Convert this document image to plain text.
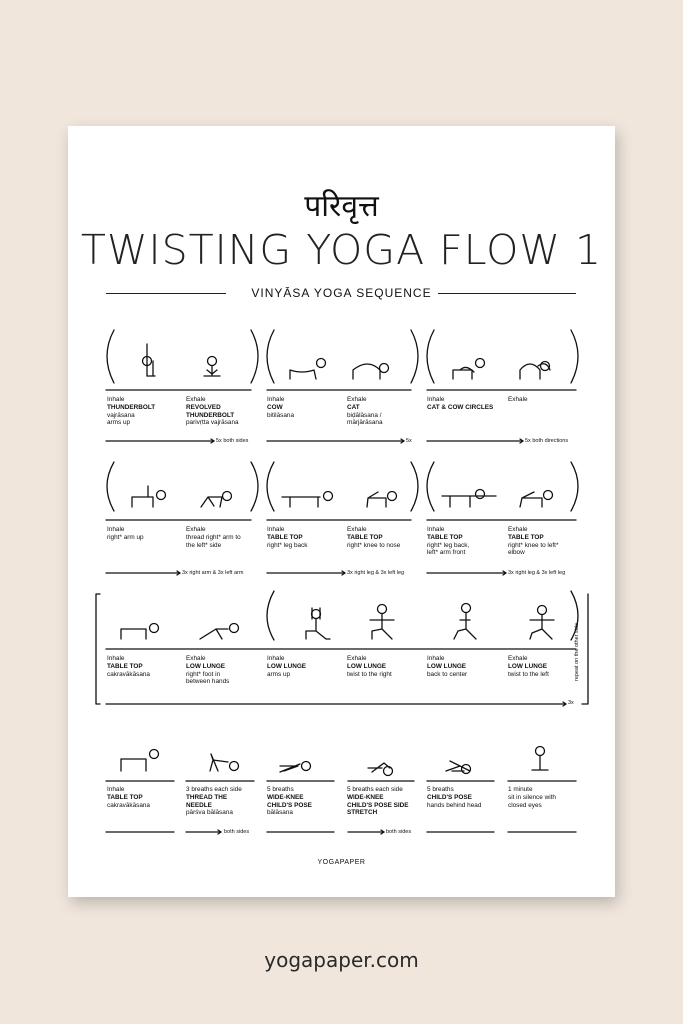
परिवृत्त
TWISTING YOGA FLOW 1
VINYĀSA YOGA SEQUENCE
Inhale
THUNDERBOLT
vajrāsana
arms up
Exhale
REVOLVED
THUNDERBOLT
parivṛtta vajrāsana
Inhale
COW
bitilāsana
Exhale
CAT
biḍālāsana /
mārjārāsana
Inhale
CAT & COW CIRCLES
Exhale
5x both sides	5x	5x both directions
Inhale
right* arm up
Exhale
thread right* arm to
the left* side
Inhale
TABLE TOP
right* leg back
Exhale
TABLE TOP
right* knee to nose
Inhale
TABLE TOP
right* leg back,
left* arm front
Exhale
TABLE TOP
right* knee to left*
elbow
3x right arm & 3x left arm	3x right leg & 3x left leg	3x right leg & 3x left leg
Inhale
TABLE TOP
cakravākāsana
Exhale
LOW LUNGE
right* foot in
between hands
Inhale
LOW LUNGE
arms up
Exhale
LOW LUNGE
twist to the right
Inhale
LOW LUNGE
back to center
Exhale
LOW LUNGE
twist to the left
3x
repeat on the other side
Inhale
TABLE TOP
cakravākāsana
3 breaths each side
THREAD THE
NEEDLE
pārśva bālāsana
5 breaths
WIDE-KNEE
CHILD'S POSE
bālāsana
5 breaths each side
WIDE-KNEE
CHILD'S POSE SIDE
STRETCH
5 breaths
CHILD'S POSE
hands behind head
1 minute
sit in silence with
closed eyes
both sides	both sides
YOGAPAPER
yogapaper.com
